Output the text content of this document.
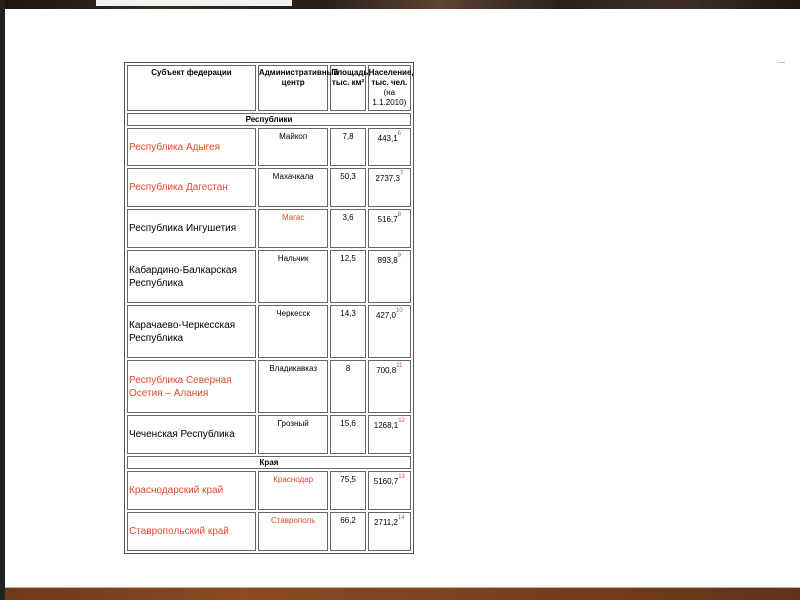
Субъект федерации	Административный центр	Площадь, тыс. км²	Население, тыс. чел.
(на 1.1.2010)

Республики			
Республика Адыгея	Майкоп	7,8	443,1$^6$
Республика Дагестан	Махачкала	50,3	2737,3$^7$
Республика Ингушетия	Магас	3,6	516,7$^8$
Кабардино-Балкарская Республика	Нальчик	12,5	893,8$^9$
Карачаево-Черкесская Республика	Черкесск	14,3	427,0$^{10}$
Республика Северная Осетия – Алания	Владикавказ	8	700,8$^{11}$
Чеченская Республика	Грозный	15,6	1268,1$^{12}$
Края			
Краснодарский край	Краснодар	75,5	5160,7$^{13}$
Ставропольский край	Ставрополь	66,2	2711,2$^{14}$
